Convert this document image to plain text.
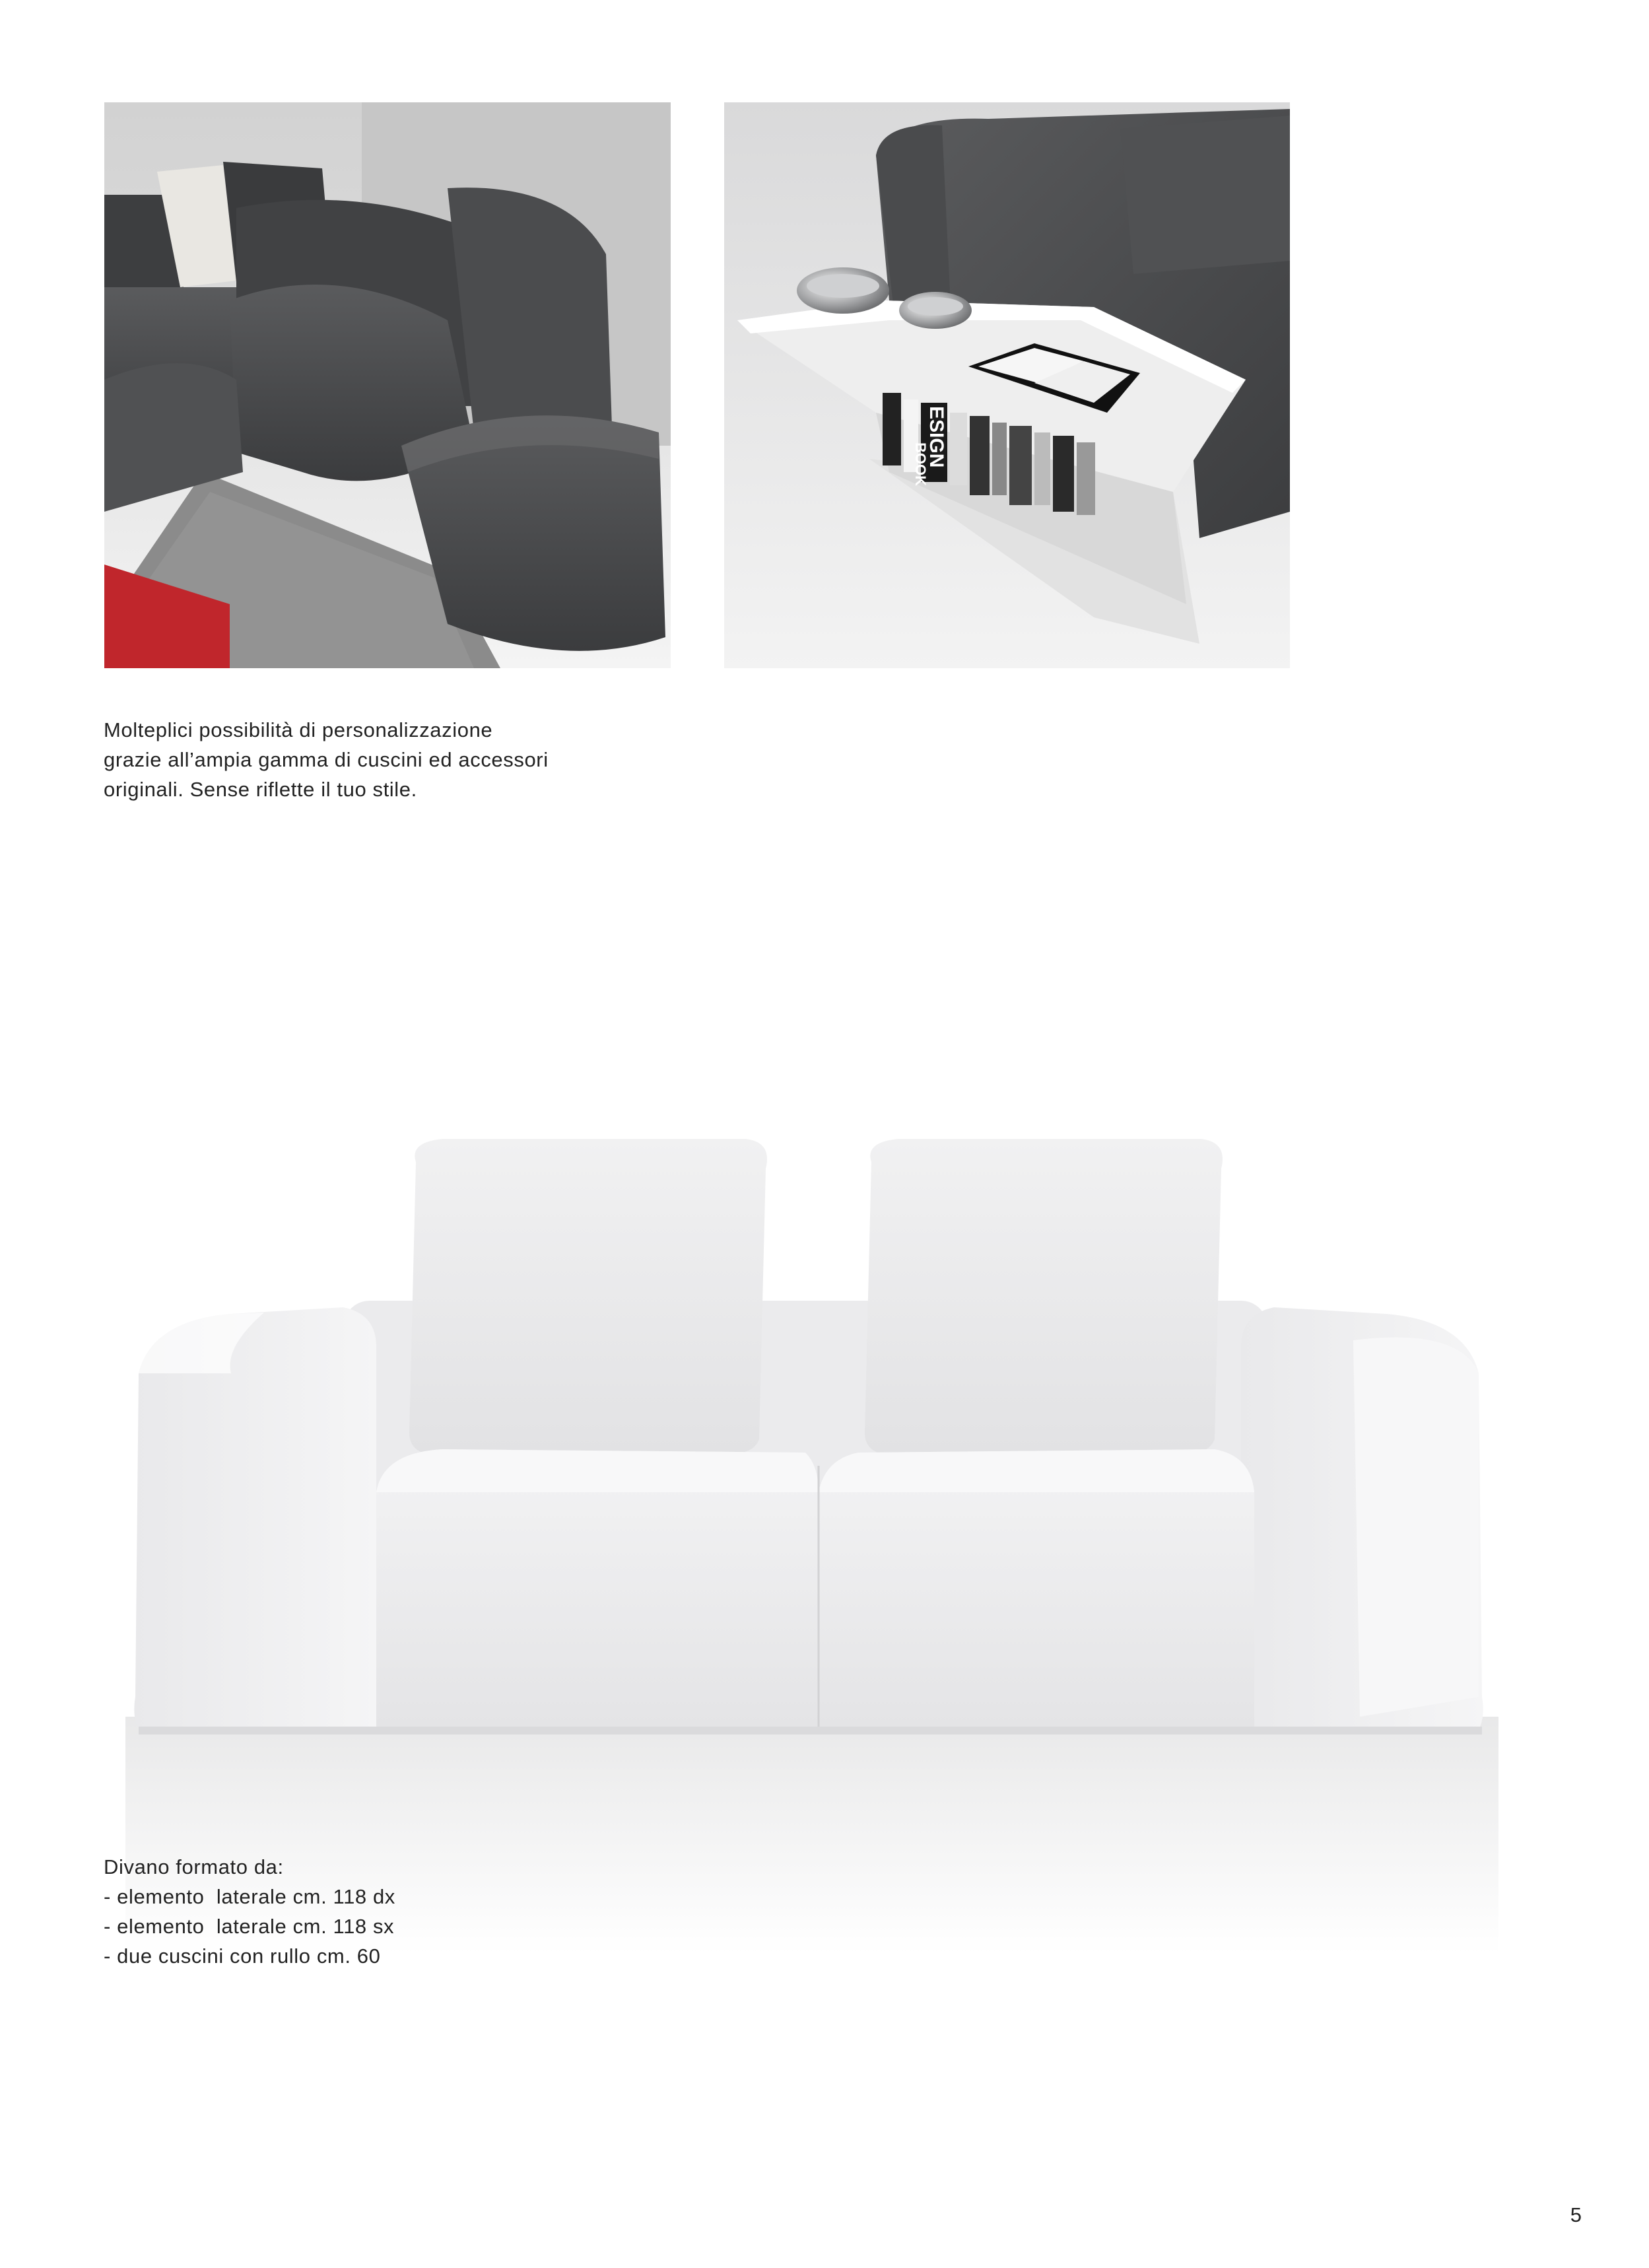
BOOK
ESIGN
Molteplici possibilità di personalizzazione
grazie all’ampia gamma di cuscini ed accessori
originali. Sense riflette il tuo stile.
Divano formato da:
- elemento  laterale cm. 118 dx
- elemento  laterale cm. 118 sx
- due cuscini con rullo cm. 60
5
